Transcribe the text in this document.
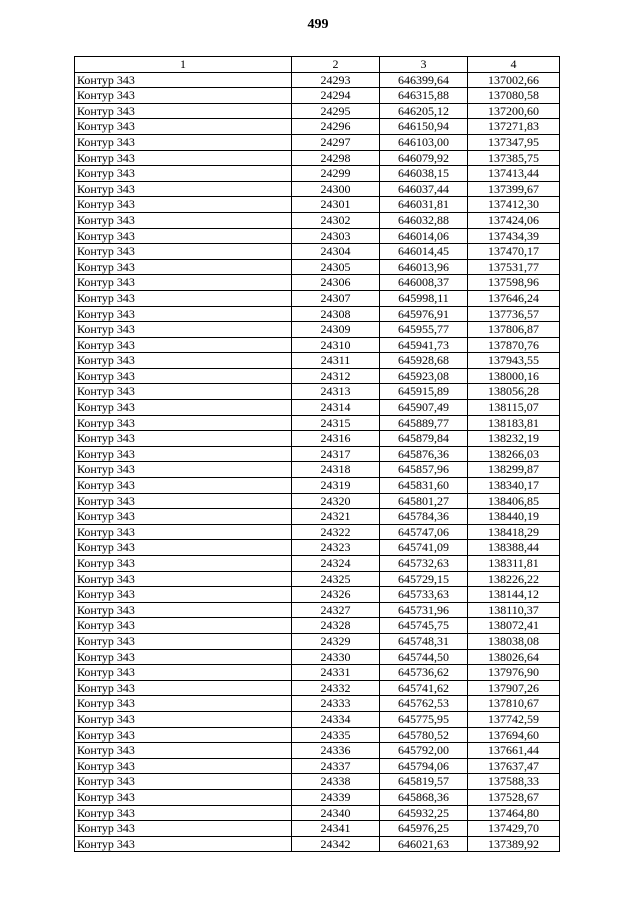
499
1	2	3	4
Контур 343	24293	646399,64	137002,66
Контур 343	24294	646315,88	137080,58
Контур 343	24295	646205,12	137200,60
Контур 343	24296	646150,94	137271,83
Контур 343	24297	646103,00	137347,95
Контур 343	24298	646079,92	137385,75
Контур 343	24299	646038,15	137413,44
Контур 343	24300	646037,44	137399,67
Контур 343	24301	646031,81	137412,30
Контур 343	24302	646032,88	137424,06
Контур 343	24303	646014,06	137434,39
Контур 343	24304	646014,45	137470,17
Контур 343	24305	646013,96	137531,77
Контур 343	24306	646008,37	137598,96
Контур 343	24307	645998,11	137646,24
Контур 343	24308	645976,91	137736,57
Контур 343	24309	645955,77	137806,87
Контур 343	24310	645941,73	137870,76
Контур 343	24311	645928,68	137943,55
Контур 343	24312	645923,08	138000,16
Контур 343	24313	645915,89	138056,28
Контур 343	24314	645907,49	138115,07
Контур 343	24315	645889,77	138183,81
Контур 343	24316	645879,84	138232,19
Контур 343	24317	645876,36	138266,03
Контур 343	24318	645857,96	138299,87
Контур 343	24319	645831,60	138340,17
Контур 343	24320	645801,27	138406,85
Контур 343	24321	645784,36	138440,19
Контур 343	24322	645747,06	138418,29
Контур 343	24323	645741,09	138388,44
Контур 343	24324	645732,63	138311,81
Контур 343	24325	645729,15	138226,22
Контур 343	24326	645733,63	138144,12
Контур 343	24327	645731,96	138110,37
Контур 343	24328	645745,75	138072,41
Контур 343	24329	645748,31	138038,08
Контур 343	24330	645744,50	138026,64
Контур 343	24331	645736,62	137976,90
Контур 343	24332	645741,62	137907,26
Контур 343	24333	645762,53	137810,67
Контур 343	24334	645775,95	137742,59
Контур 343	24335	645780,52	137694,60
Контур 343	24336	645792,00	137661,44
Контур 343	24337	645794,06	137637,47
Контур 343	24338	645819,57	137588,33
Контур 343	24339	645868,36	137528,67
Контур 343	24340	645932,25	137464,80
Контур 343	24341	645976,25	137429,70
Контур 343	24342	646021,63	137389,92
